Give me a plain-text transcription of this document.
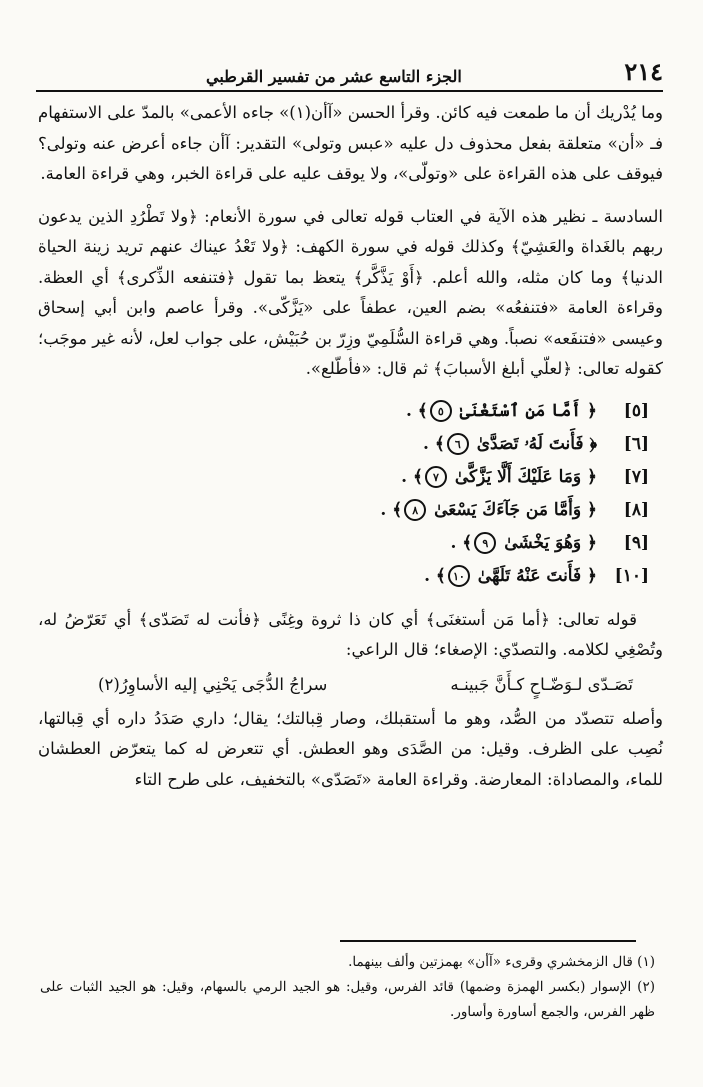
٢١٤
الجزء التاسع عشر من تفسير القرطبي

وما يُدْريك أن ما طمعت فيه كائن. وقرأ الحسن «آأن(١)» جاءه الأعمى» بالمدّ على الاستفهام فـ «أن» متعلقة بفعل محذوف دل عليه «عبس وتولى» التقدير: آأن جاءه أعرض عنه وتولى؟ فيوقف على هذه القراءة على «وتولّى»، ولا يوقف عليه على قراءة الخبر، وهي قراءة العامة.

السادسة ـ نظير هذه الآية في العتاب قوله تعالى في سورة الأنعام: ﴿ولا تَطْرُدِ الذين يدعون ربهم بالغَداة والعَشِيّ﴾ وكذلك قوله في سورة الكهف: ﴿ولا تَعْدُ عيناك عنهم تريد زينة الحياة الدنيا﴾ وما كان مثله، والله أعلم. ﴿أَوْ يَذَّكَّر﴾ يتعظ بما تقول ﴿فتنفعه الذِّكرى﴾ أي العظة. وقراءة العامة «فتنفعُه» بضم العين، عطفاً على «يَزَّكّى». وقرأ عاصم وابن أبي إسحاق وعيسى «فتنفَعه» نصباً. وهي قراءة السُّلَمِيّ وزِرّ بن حُبَيْش، على جواب لعل، لأنه غير موجَب؛ كقوله تعالى: ﴿لعلّي أبلغ الأسبابَ﴾ ثم قال: «فأطّلع».

[٥]﴿ أَمَّا مَنِ ٱسْتَغْنَىٰ ٥﴾ .
[٦]﴿ فَأَنتَ لَهُۥ تَصَدَّىٰ ٦﴾ .
[٧]﴿ وَمَا عَلَيْكَ أَلَّا يَزَّكَّىٰ ٧﴾ .
[٨]﴿ وَأَمَّا مَن جَآءَكَ يَسْعَىٰ ٨﴾ .
[٩]﴿ وَهُوَ يَخْشَىٰ ٩﴾ .
[١٠]﴿ فَأَنتَ عَنْهُ تَلَهَّىٰ ١٠﴾ .

قوله تعالى: ﴿أما مَن أستغنَى﴾ أي كان ذا ثروة وغِنًى ﴿فأنت له تَصَدّى﴾ أي تَعَرّضُ له، وتُصْغِي لكلامه. والتصدّي: الإصغاء؛ قال الراعي:

تَصَـدّى لـوَضّـاحٍ كـأَنَّ جَبينـه
سراجُ الدُّجَى يَحْنِي إليه الأساوِرُ(٢)

وأصله تتصدّد من الصُّد، وهو ما أستقبلك، وصار قِبالتك؛ يقال؛ داري صَدَدُ داره أي قِبالتها، نُصِب على الظرف. وقيل: من الصَّدَى وهو العطش. أي تتعرض له كما يتعرّض العطشان للماء، والمصاداة: المعارضة. وقراءة العامة «تَصَدّى» بالتخفيف، على طرح التاء

(١) قال الزمخشري وقرىء «آأن» بهمزتين وألف بينهما.

(٢) الإسوار (بكسر الهمزة وضمها) قائد الفرس، وقيل: هو الجيد الرمي بالسهام، وقيل: هو الجيد الثبات على ظهر الفرس، والجمع أساورة وأساور.
